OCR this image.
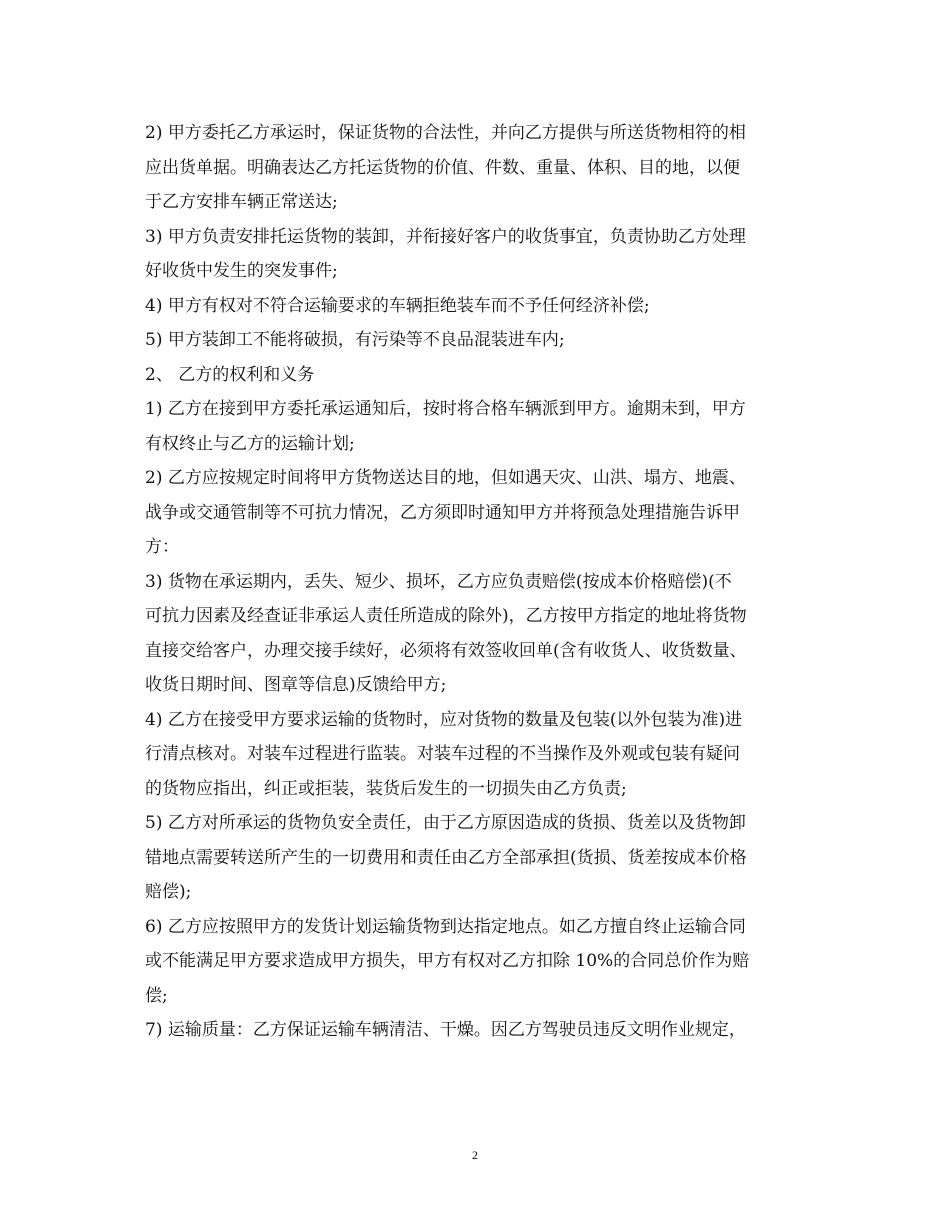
2) 甲方委托乙方承运时，保证货物的合法性，并向乙方提供与所送货物相符的相
应出货单据。明确表达乙方托运货物的价值、件数、重量、体积、目的地，以便
于乙方安排车辆正常送达;
3) 甲方负责安排托运货物的装卸，并衔接好客户的收货事宜，负责协助乙方处理
好收货中发生的突发事件;
4) 甲方有权对不符合运输要求的车辆拒绝装车而不予任何经济补偿;
5) 甲方装卸工不能将破损，有污染等不良品混装进车内;
2、 乙方的权利和义务
1) 乙方在接到甲方委托承运通知后，按时将合格车辆派到甲方。逾期未到，甲方
有权终止与乙方的运输计划;
2) 乙方应按规定时间将甲方货物送达目的地，但如遇天灾、山洪、塌方、地震、
战争或交通管制等不可抗力情况，乙方须即时通知甲方并将预急处理措施告诉甲
方：
3) 货物在承运期内，丢失、短少、损坏，乙方应负责赔偿(按成本价格赔偿)(不
可抗力因素及经查证非承运人责任所造成的除外)，乙方按甲方指定的地址将货物
直接交给客户，办理交接手续好，必须将有效签收回单(含有收货人、收货数量、
收货日期时间、图章等信息)反馈给甲方;
4) 乙方在接受甲方要求运输的货物时，应对货物的数量及包装(以外包装为准)进
行清点核对。对装车过程进行监装。对装车过程的不当操作及外观或包装有疑问
的货物应指出，纠正或拒装，装货后发生的一切损失由乙方负责;
5) 乙方对所承运的货物负安全责任，由于乙方原因造成的货损、货差以及货物卸
错地点需要转送所产生的一切费用和责任由乙方全部承担(货损、货差按成本价格
赔偿);
6) 乙方应按照甲方的发货计划运输货物到达指定地点。如乙方擅自终止运输合同
或不能满足甲方要求造成甲方损失，甲方有权对乙方扣除 10%的合同总价作为赔
偿;
7) 运输质量：乙方保证运输车辆清洁、干燥。因乙方驾驶员违反文明作业规定，
2
